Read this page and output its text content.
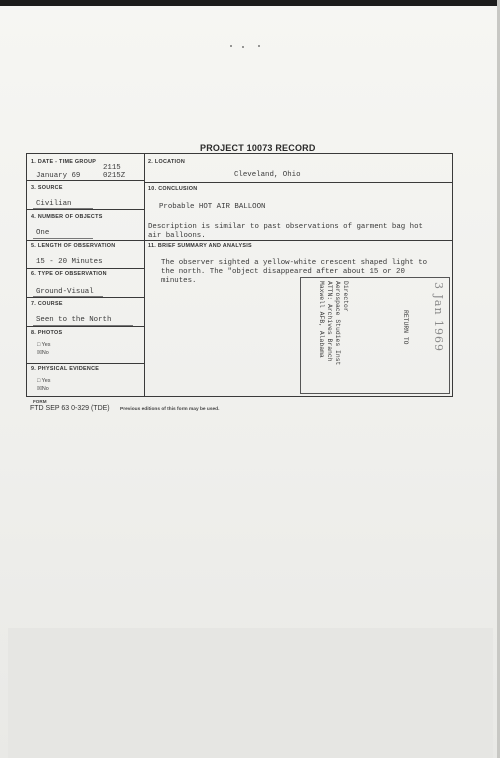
PROJECT 10073 RECORD
1. DATE - TIME GROUP
2115
January 69	0215Z
2. LOCATION
Cleveland, Ohio
3. SOURCE
Civilian
10. CONCLUSION
Probable HOT AIR BALLOON
Description is similar to past observations of garment bag hot
air balloons.
4. NUMBER OF OBJECTS
One
5. LENGTH OF OBSERVATION
15 - 20 Minutes
11. BRIEF SUMMARY AND ANALYSIS
The observer sighted a yellow-white crescent shaped light to
the north. The "object disappeared after about 15 or 20
minutes.
6. TYPE OF OBSERVATION
Ground-Visual
7. COURSE
Seen to the North
8. PHOTOS
□ Yes
☒No
9. PHYSICAL EVIDENCE
□ Yes
☒No
RETURN TO
Director
Aerospace Studies Inst
ATTN: Archives Branch
Maxwell AFB, Alabama	3 Jan 1969
FORM
FTD SEP 63 0-329 (TDE) Previous editions of this form may be used.
